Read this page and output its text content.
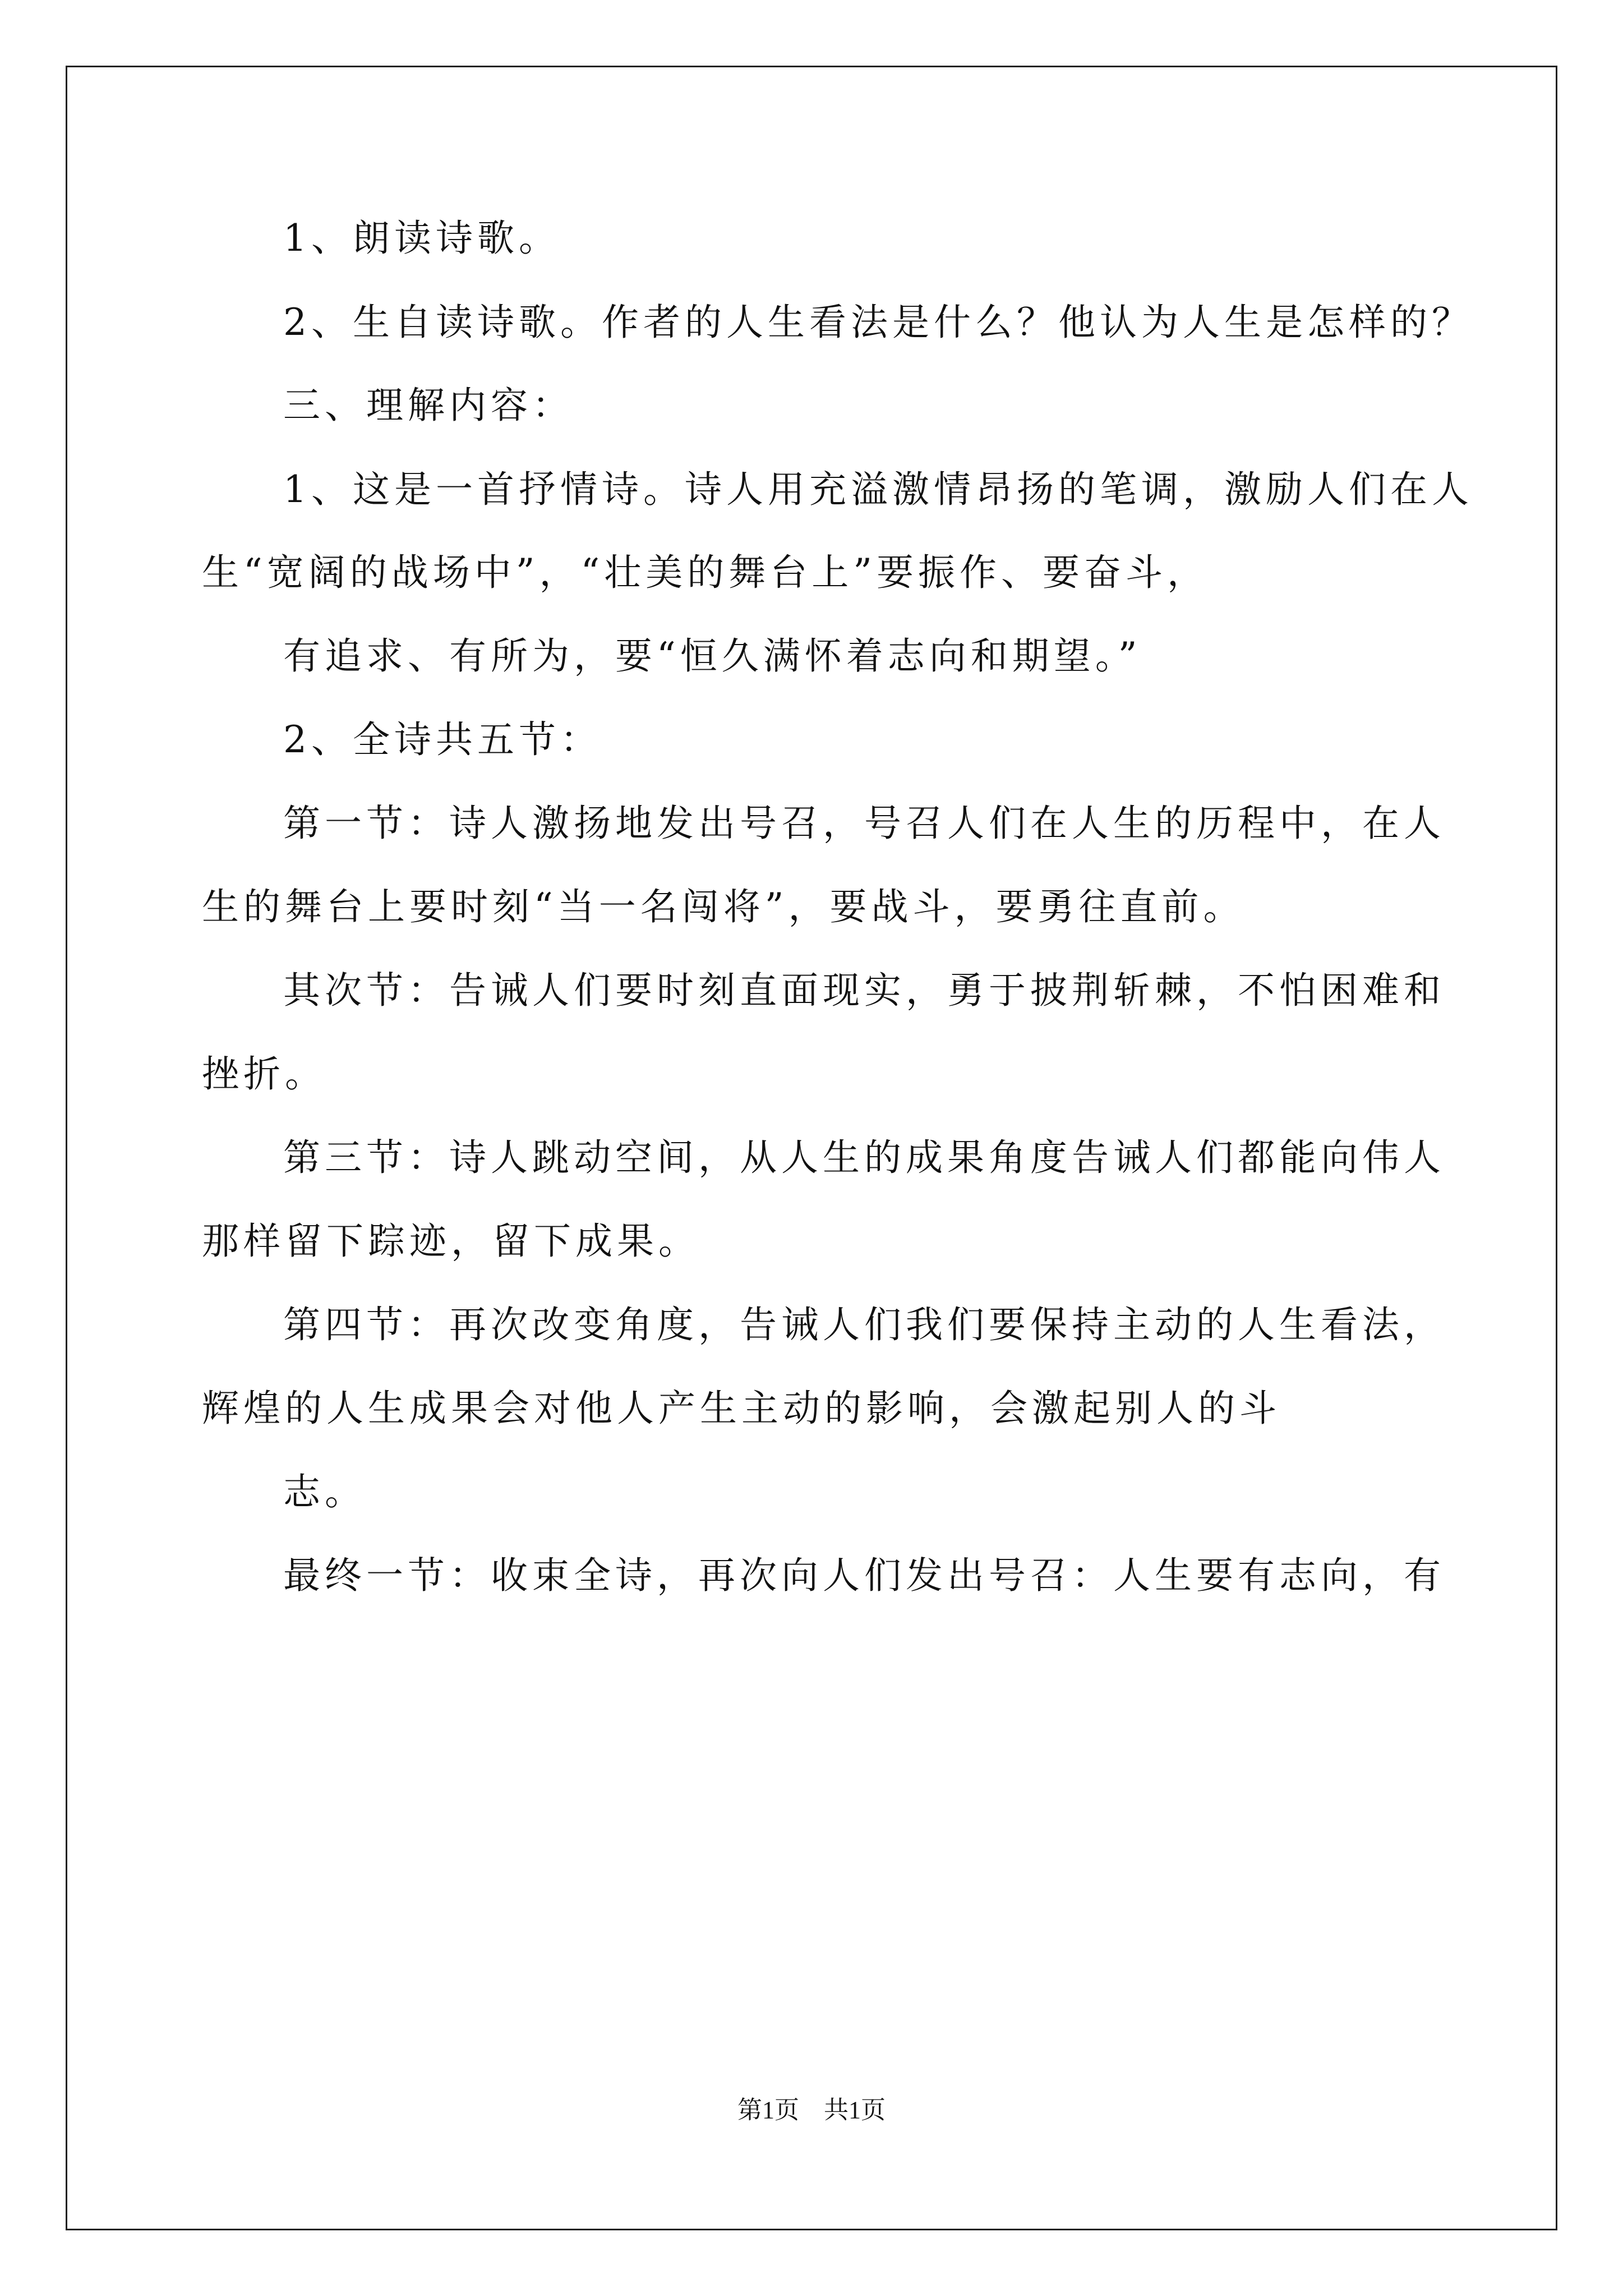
1、朗读诗歌。
2、生自读诗歌。作者的人生看法是什么？他认为人生是怎样的？
三、理解内容：
1、这是一首抒情诗。诗人用充溢激情昂扬的笔调，激励人们在人
生“宽阔的战场中”，“壮美的舞台上”要振作、要奋斗，
有追求、有所为，要“恒久满怀着志向和期望。”
2、全诗共五节：
第一节：诗人激扬地发出号召，号召人们在人生的历程中，在人
生的舞台上要时刻“当一名闯将”，要战斗，要勇往直前。
其次节：告诫人们要时刻直面现实，勇于披荆斩棘，不怕困难和
挫折。
第三节：诗人跳动空间，从人生的成果角度告诫人们都能向伟人
那样留下踪迹，留下成果。
第四节：再次改变角度，告诫人们我们要保持主动的人生看法，
辉煌的人生成果会对他人产生主动的影响，会激起别人的斗
志。
最终一节：收束全诗，再次向人们发出号召：人生要有志向，有
第1页　共1页
